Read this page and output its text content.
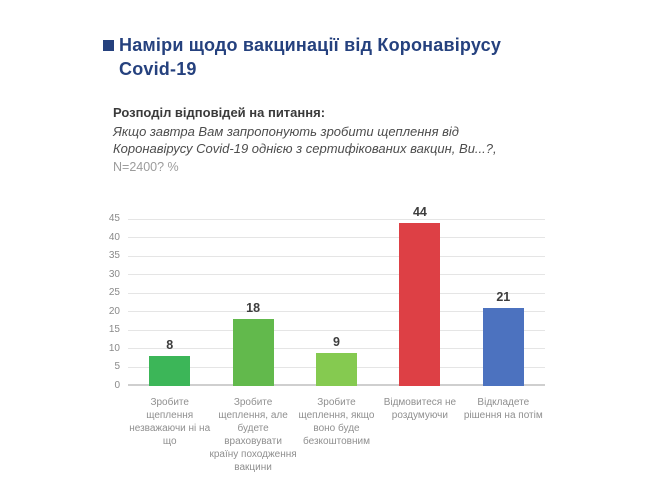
Наміри щодо вакцинації від Коронавірусу Covid-19
Розподіл відповідей на питання:
Якщо завтра Вам запропонують зробити щеплення від
Коронавірусу Covid-19 однією з сертифікованих вакцин, Ви...?,
N=2400? %
0
5
10
15
20
25
30
35
40
45
8
Зробите щеплення незважаючи ні на що
18
Зробите щеплення, але будете враховувати країну походження вакцини
9
Зробите щеплення, якщо воно буде безкоштовним
44
Відмовитеся не роздумуючи
21
Відкладете рішення на потім
